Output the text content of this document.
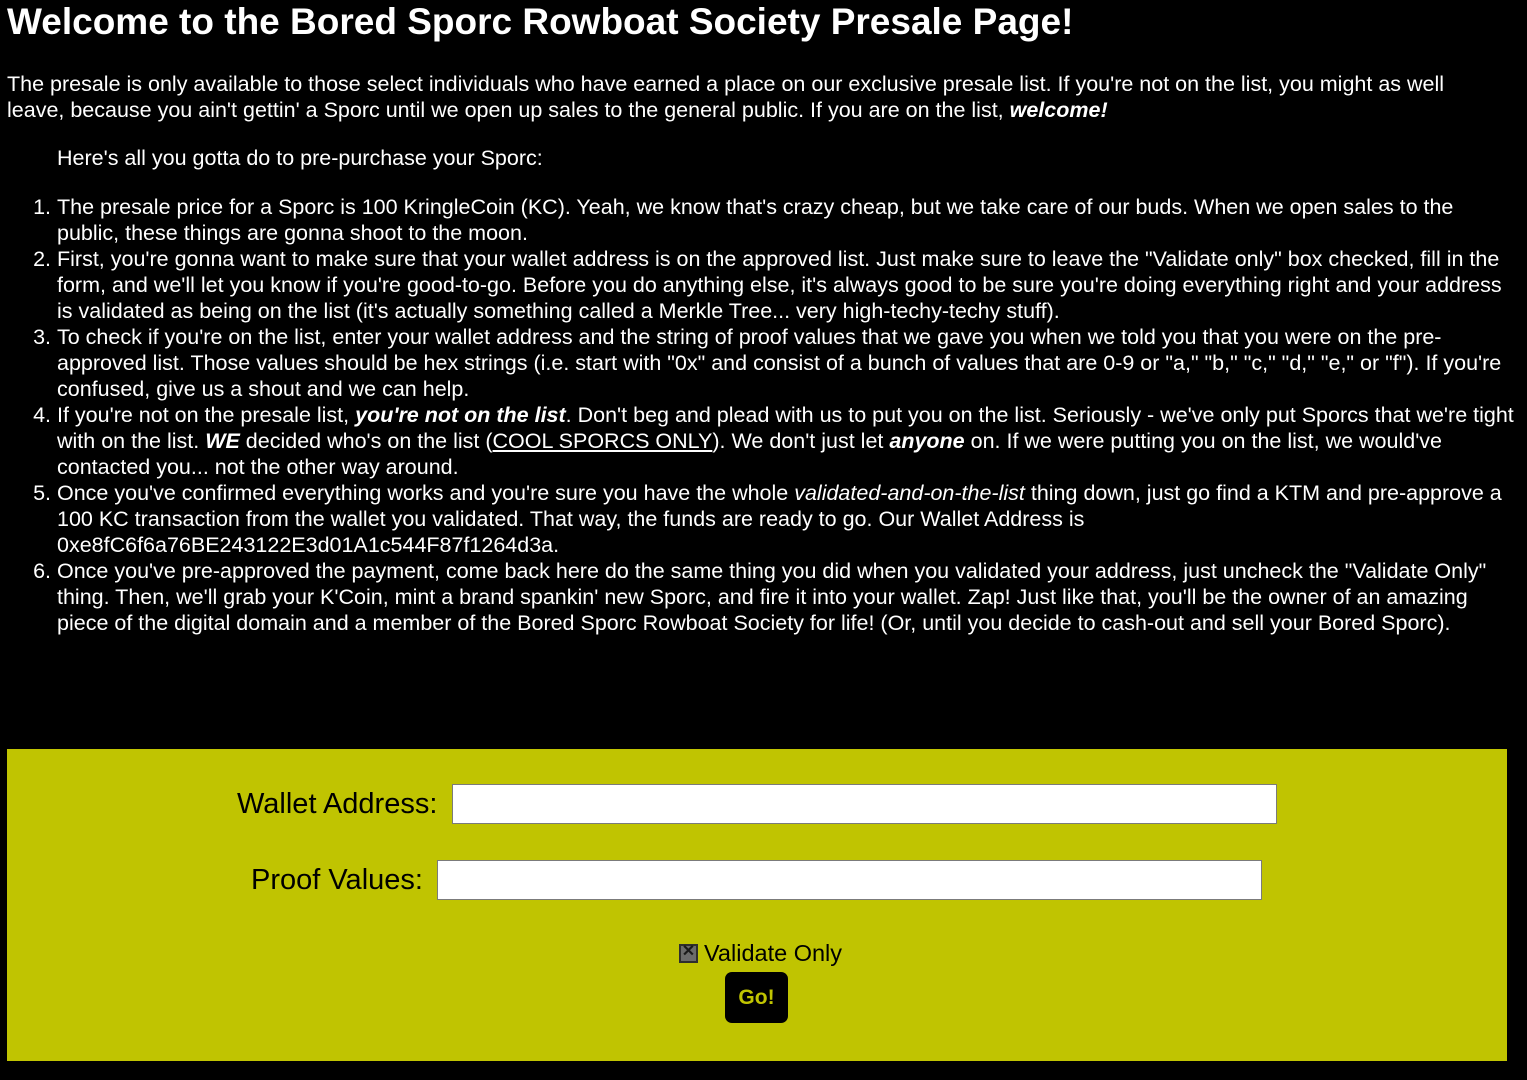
Welcome to the Bored Sporc Rowboat Society Presale Page!

The presale is only available to those select individuals who have earned a place on our exclusive presale list. If you're not on the list, you might as well leave, because you ain't gettin' a Sporc until we open up sales to the general public. If you are on the list, welcome!

Here's all you gotta do to pre-purchase your Sporc:

1. The presale price for a Sporc is 100 KringleCoin (KC). Yeah, we know that's crazy cheap, but we take care of our buds. When we open sales to the public, these things are gonna shoot to the moon.
2. First, you're gonna want to make sure that your wallet address is on the approved list. Just make sure to leave the "Validate only" box checked, fill in the form, and we'll let you know if you're good-to-go. Before you do anything else, it's always good to be sure you're doing everything right and your address is validated as being on the list (it's actually something called a Merkle Tree... very high-techy-techy stuff).
3. To check if you're on the list, enter your wallet address and the string of proof values that we gave you when we told you that you were on the pre-approved list. Those values should be hex strings (i.e. start with "0x" and consist of a bunch of values that are 0-9 or "a," "b," "c," "d," "e," or "f"). If you're confused, give us a shout and we can help.
4. If you're not on the presale list, you're not on the list. Don't beg and plead with us to put you on the list. Seriously - we've only put Sporcs that we're tight with on the list. WE decided who's on the list (COOL SPORCS ONLY). We don't just let anyone on. If we were putting you on the list, we would've contacted you... not the other way around.
5. Once you've confirmed everything works and you're sure you have the whole validated-and-on-the-list thing down, just go find a KTM and pre-approve a 100 KC transaction from the wallet you validated. That way, the funds are ready to go. Our Wallet Address is 0xe8fC6f6a76BE243122E3d01A1c544F87f1264d3a.
6. Once you've pre-approved the payment, come back here do the same thing you did when you validated your address, just uncheck the "Validate Only" thing. Then, we'll grab your K'Coin, mint a brand spankin' new Sporc, and fire it into your wallet. Zap! Just like that, you'll be the owner of an amazing piece of the digital domain and a member of the Bored Sporc Rowboat Society for life! (Or, until you decide to cash-out and sell your Bored Sporc).
Wallet Address:
Proof Values:
✕ Validate Only
Go!
